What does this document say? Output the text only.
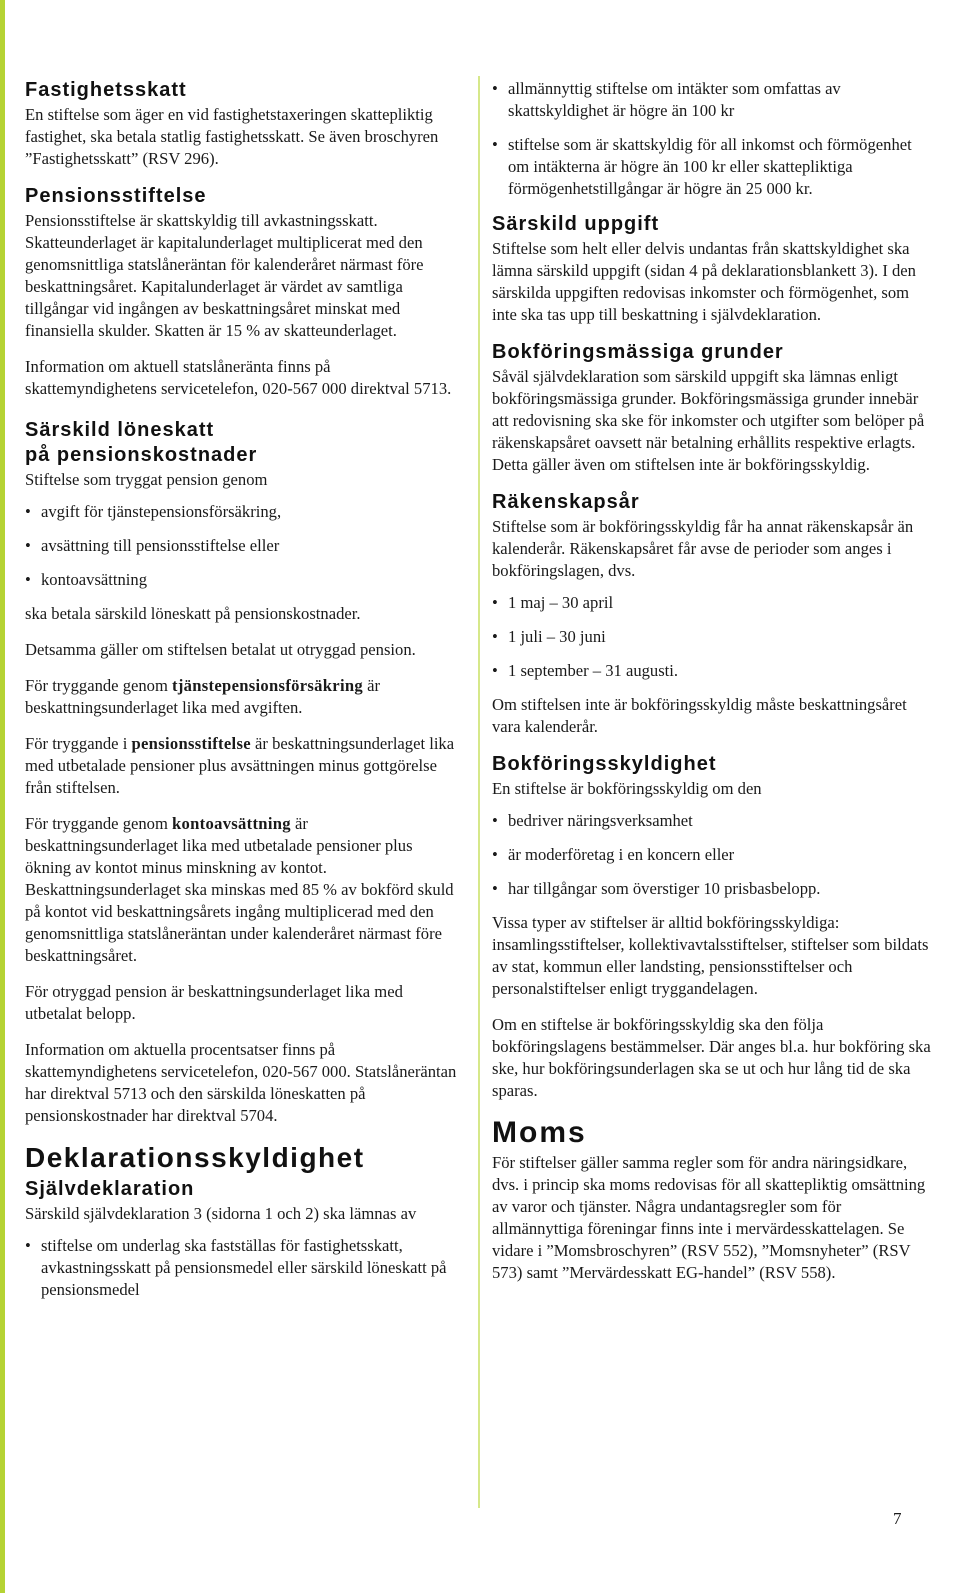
Fastighetsskatt

En stiftelse som äger en vid fastighetstaxeringen skattepliktig fastighet, ska betala statlig fastighetsskatt. Se även broschyren ”Fastighetsskatt” (RSV 296).

Pensionsstiftelse

Pensionsstiftelse är skattskyldig till avkastningsskatt. Skatteunderlaget är kapitalunderlaget multiplicerat med den genomsnittliga statslåneräntan för kalenderåret närmast före beskattningsåret. Kapitalunderlaget är värdet av samtliga tillgångar vid ingången av beskattningsåret minskat med finansiella skulder. Skatten är 15 % av skatteunderlaget.

Information om aktuell statslåneränta finns på skattemyndighetens servicetelefon, 020-567 000 direktval 5713.

Särskild löneskatt
på pensionskostnader

Stiftelse som tryggat pension genom

• avgift för tjänstepensionsförsäkring,
• avsättning till pensionsstiftelse eller
• kontoavsättning

ska betala särskild löneskatt på pensionskostnader.

Detsamma gäller om stiftelsen betalat ut otryggad pension.

För tryggande genom tjänstepensionsförsäkring är beskattningsunderlaget lika med avgiften.

För tryggande i pensionsstiftelse är beskattningsunderlaget lika med utbetalade pensioner plus avsättningen minus gottgörelse från stiftelsen.

För tryggande genom kontoavsättning är beskattningsunderlaget lika med utbetalade pensioner plus ökning av kontot minus minskning av kontot. Beskattningsunderlaget ska minskas med 85 % av bokförd skuld på kontot vid beskattningsårets ingång multiplicerad med den genomsnittliga statslåneräntan under kalenderåret närmast före beskattningsåret.

För otryggad pension är beskattningsunderlaget lika med utbetalat belopp.

Information om aktuella procentsatser finns på skattemyndighetens servicetelefon, 020-567 000. Statslåneräntan har direktval 5713 och den särskilda löneskatten på pensionskostnader har direktval 5704.

Deklarationsskyldighet
Självdeklaration

Särskild självdeklaration 3 (sidorna 1 och 2) ska lämnas av

• stiftelse om underlag ska fastställas för fastighetsskatt, avkastningsskatt på pensionsmedel eller särskild löneskatt på pensionsmedel
• allmännyttig stiftelse om intäkter som omfattas av skattskyldighet är högre än 100 kr
• stiftelse som är skattskyldig för all inkomst och förmögenhet om intäkterna är högre än 100 kr eller skattepliktiga förmögenhetstillgångar är högre än 25 000 kr.
Särskild uppgift

Stiftelse som helt eller delvis undantas från skattskyldighet ska lämna särskild uppgift (sidan 4 på deklarationsblankett 3). I den särskilda uppgiften redovisas inkomster och förmögenhet, som inte ska tas upp till beskattning i självdeklaration.

Bokföringsmässiga grunder

Såväl självdeklaration som särskild uppgift ska lämnas enligt bokföringsmässiga grunder. Bokföringsmässiga grunder innebär att redovisning ska ske för inkomster och utgifter som belöper på räkenskapsåret oavsett när betalning erhållits respektive erlagts. Detta gäller även om stiftelsen inte är bokföringsskyldig.

Räkenskapsår

Stiftelse som är bokföringsskyldig får ha annat räkenskapsår än kalenderår. Räkenskapsåret får avse de perioder som anges i bokföringslagen, dvs.

• 1 maj – 30 april
• 1 juli – 30 juni
• 1 september – 31 augusti.

Om stiftelsen inte är bokföringsskyldig måste beskattningsåret vara kalenderår.

Bokföringsskyldighet

En stiftelse är bokföringsskyldig om den

• bedriver näringsverksamhet
• är moderföretag i en koncern eller
• har tillgångar som överstiger 10 prisbasbelopp.

Vissa typer av stiftelser är alltid bokföringsskyldiga: insamlingsstiftelser, kollektivavtalsstiftelser, stiftelser som bildats av stat, kommun eller landsting, pensionsstiftelser och personalstiftelser enligt tryggandelagen.

Om en stiftelse är bokföringsskyldig ska den följa bokföringslagens bestämmelser. Där anges bl.a. hur bokföring ska ske, hur bokföringsunderlagen ska se ut och hur lång tid de ska sparas.

Moms

För stiftelser gäller samma regler som för andra näringsidkare, dvs. i princip ska moms redovisas för all skattepliktig omsättning av varor och tjänster. Några undantagsregler som för allmännyttiga föreningar finns inte i mervärdesskattelagen. Se vidare i ”Momsbroschyren” (RSV 552), ”Momsnyheter” (RSV 573) samt ”Mervärdesskatt EG-handel” (RSV 558).

7
